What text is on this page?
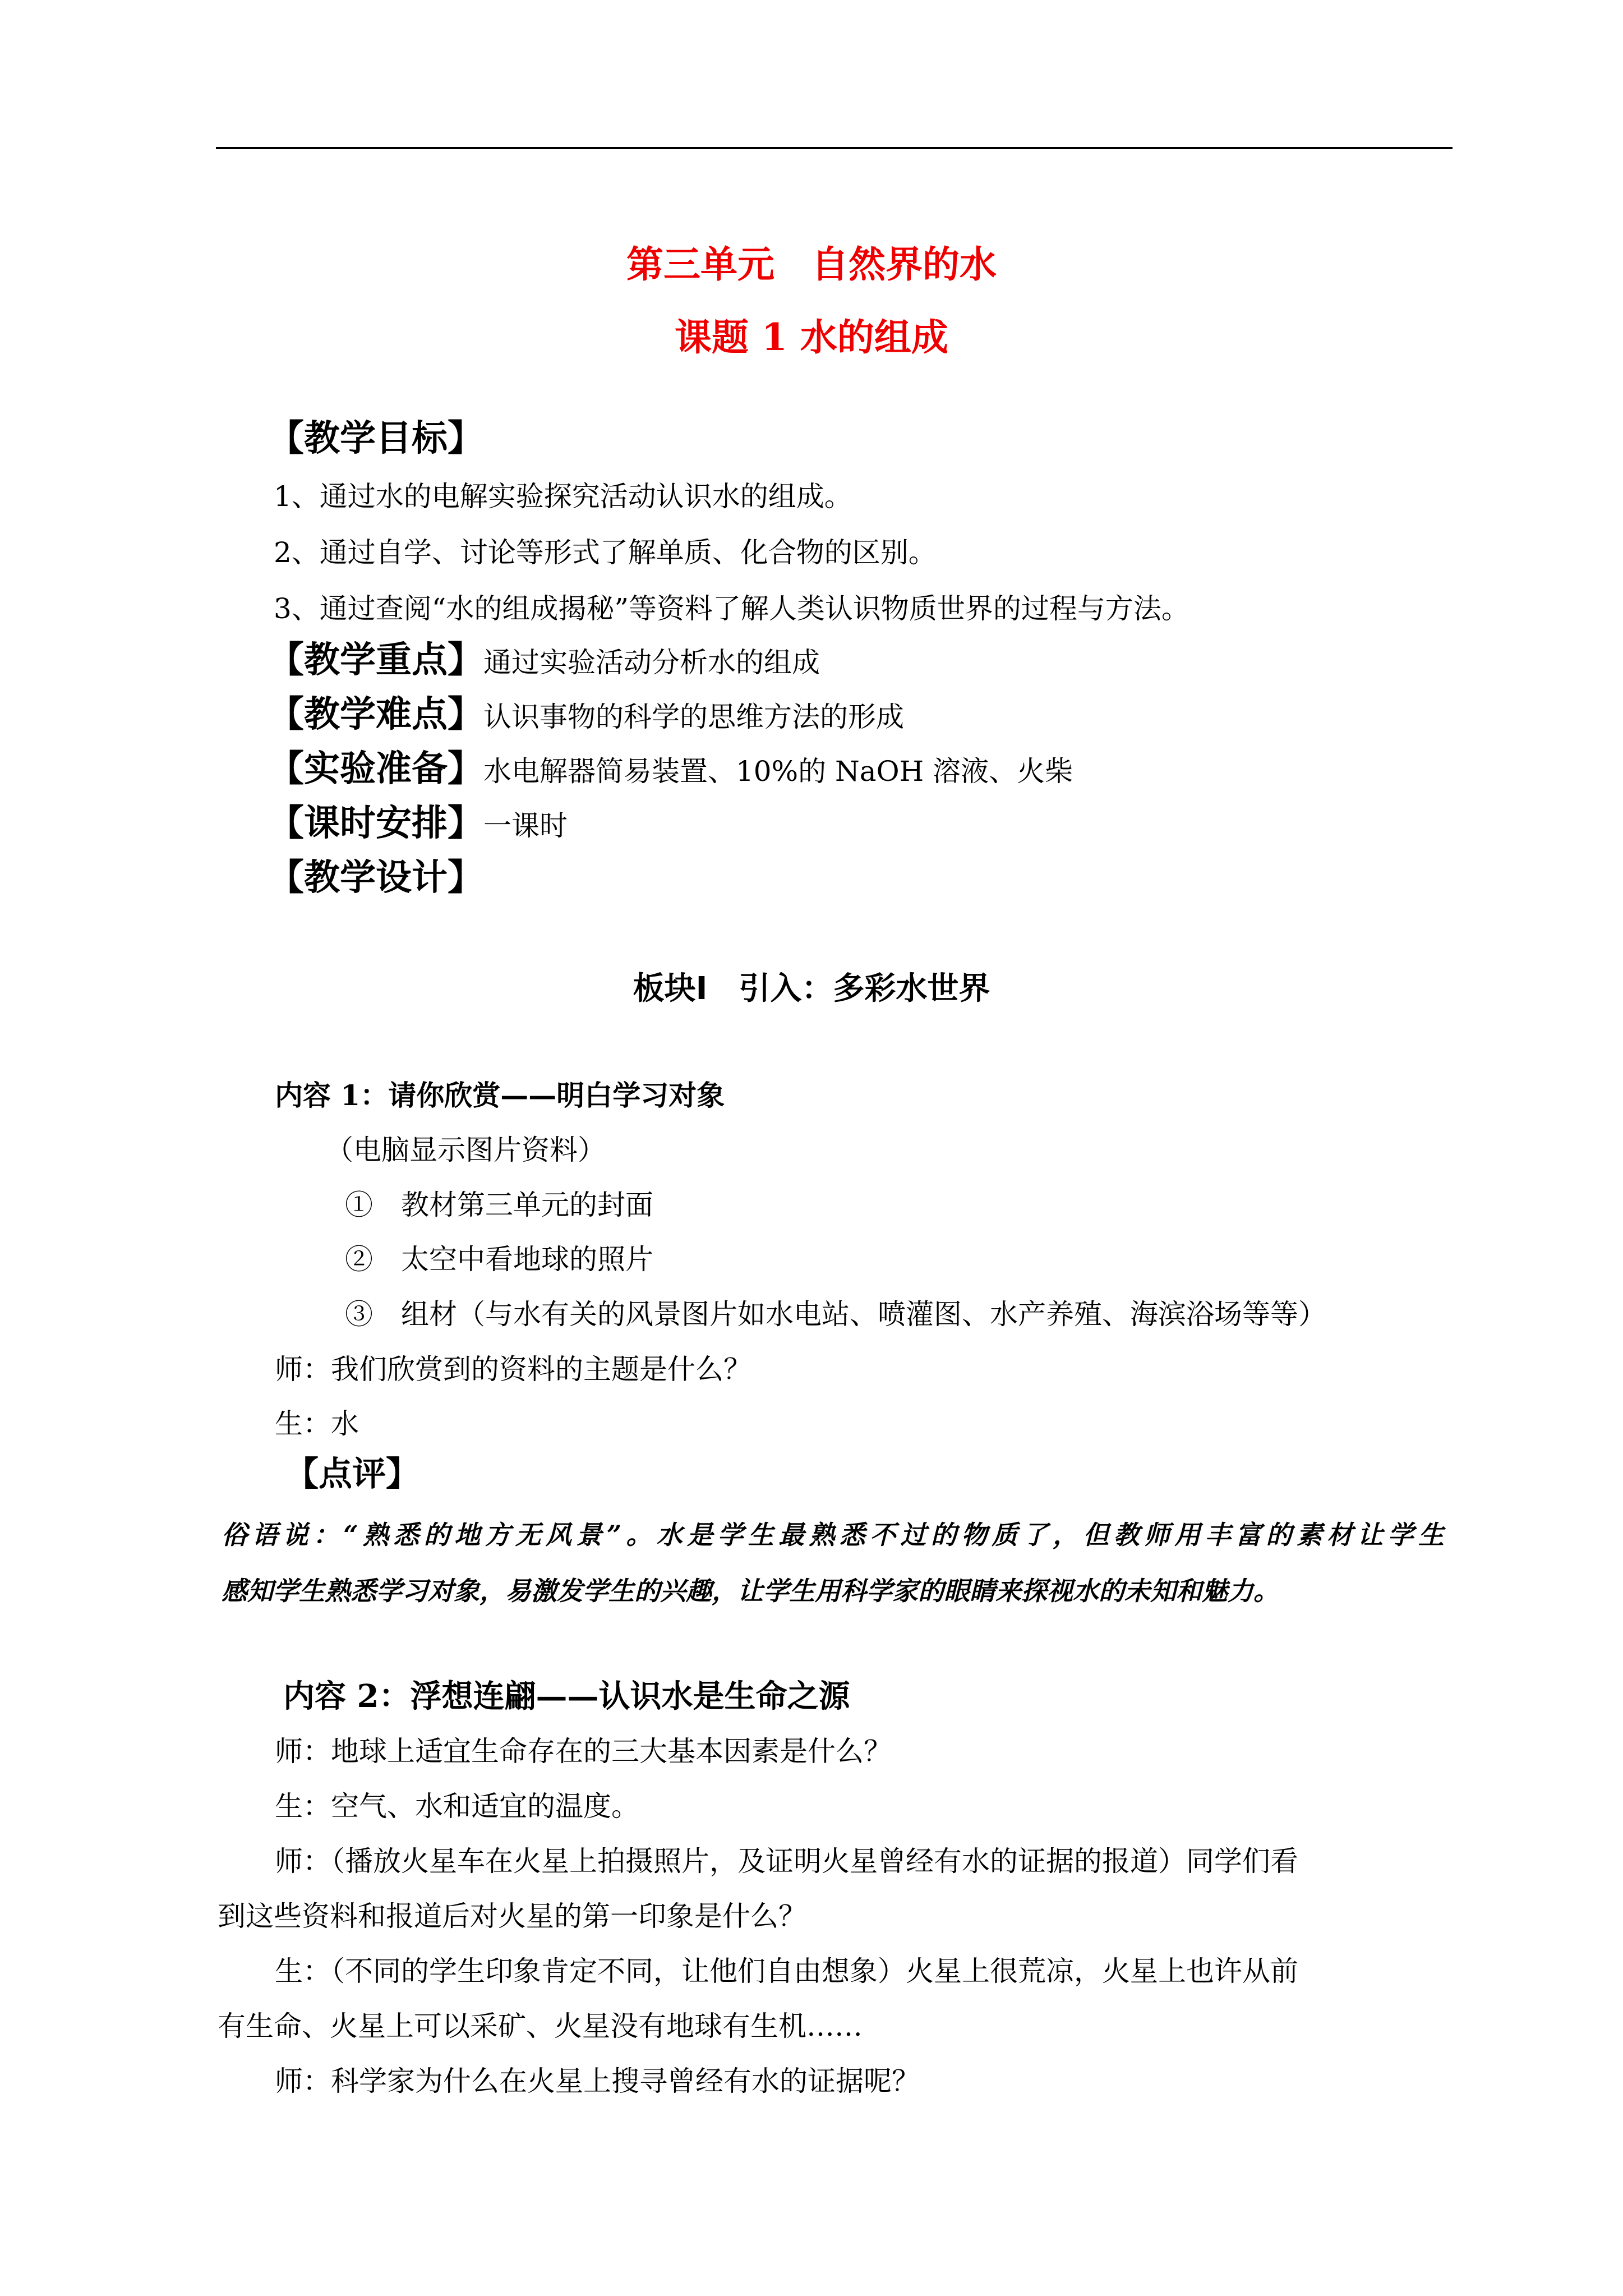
第三单元　自然界的水
课题 1 水的组成
【教学目标】
1、通过水的电解实验探究活动认识水的组成。
2、通过自学、讨论等形式了解单质、化合物的区别。
3、通过查阅“水的组成揭秘”等资料了解人类认识物质世界的过程与方法。
【教学重点】通过实验活动分析水的组成
【教学难点】认识事物的科学的思维方法的形成
【实验准备】水电解器简易装置、10%的 NaOH 溶液、火柴
【课时安排】一课时
【教学设计】
板块Ⅰ　引入：多彩水世界
内容 1：请你欣赏——明白学习对象
（电脑显示图片资料）
①　教材第三单元的封面
②　太空中看地球的照片
③　组材（与水有关的风景图片如水电站、喷灌图、水产养殖、海滨浴场等等）
师：我们欣赏到的资料的主题是什么？
生：水
【点评】
俗语说：“熟悉的地方无风景”。水是学生最熟悉不过的物质了，但教师用丰富的素材让学生
感知学生熟悉学习对象，易激发学生的兴趣，让学生用科学家的眼睛来探视水的未知和魅力。
内容 2：浮想连翩——认识水是生命之源
师：地球上适宜生命存在的三大基本因素是什么？
生：空气、水和适宜的温度。
师：（播放火星车在火星上拍摄照片，及证明火星曾经有水的证据的报道）同学们看
到这些资料和报道后对火星的第一印象是什么？
生：（不同的学生印象肯定不同，让他们自由想象）火星上很荒凉，火星上也许从前
有生命、火星上可以采矿、火星没有地球有生机……
师：科学家为什么在火星上搜寻曾经有水的证据呢？
